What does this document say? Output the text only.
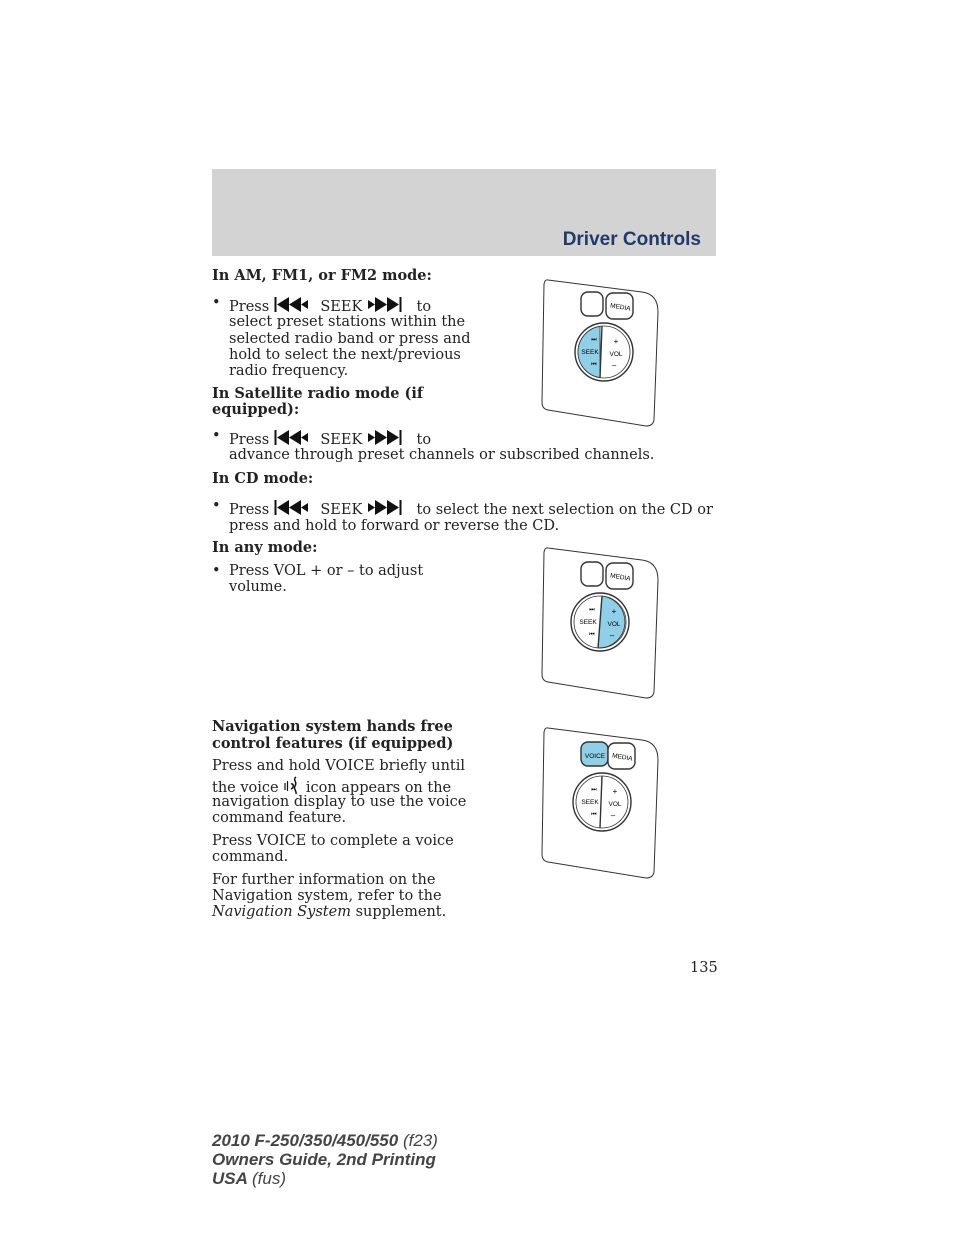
Driver Controls
In AM, FM1, or FM2 mode:
• Press	SEEK	to
select preset stations within the
selected radio band or press and
hold to select the next/previous
radio frequency.
In Satellite radio mode (if
equipped):
• Press	SEEK	to
advance through preset channels or subscribed channels.
In CD mode:
• Press	SEEK	to select the next selection on the CD or
press and hold to forward or reverse the CD.
In any mode:
• Press VOL + or – to adjust
volume.
Navigation system hands free
control features (if equipped)
Press and hold VOICE briefly until
the voice icon appears on the
navigation display to use the voice
command feature.
Press VOICE to complete a voice
command.
For further information on the
Navigation system, refer to the
Navigation System supplement.
MEDIA
SEEK
⏭
⏮
VOL
+
–
MEDIA
SEEK
⏭
⏮
VOL
+
–
VOICE MEDIA
SEEK
⏭
⏮
VOL
+
–
135
2010 F-250/350/450/550 (f23)
Owners Guide, 2nd Printing
USA (fus)
